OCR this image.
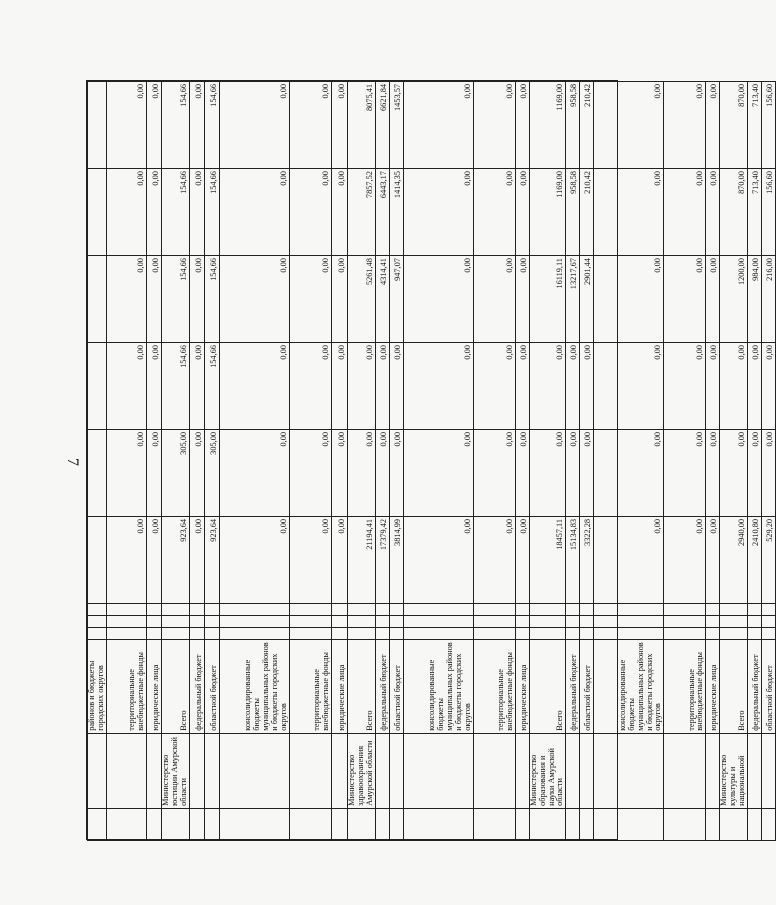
7
		районов и бюджеты городских округов									
		территориальные внебюджетные фонды				0,00	0,00	0,00	0,00	0,00	0,00
		юридические лица				0,00	0,00	0,00	0,00	0,00	0,00
	Министерство юстиции Амурской области	Всего				923,64	305,00	154,66	154,66	154,66	154,66
		федеральный бюджет				0,00	0,00	0,00	0,00	0,00	0,00
		областной бюджет				923,64	305,00	154,66	154,66	154,66	154,66
		консолидированные бюджеты муниципальных районов и бюджеты городских округов				0,00	0,00	0,00	0,00	0,00	0,00
		территориальные внебюджетные фонды				0,00	0,00	0,00	0,00	0,00	0,00
		юридические лица				0,00	0,00	0,00	0,00	0,00	0,00
	Министерство здравоохранения Амурской области	Всего				21194,41	0,00	0,00	5261,48	7857,52	8075,41
		федеральный бюджет				17379,42	0,00	0,00	4314,41	6443,17	6621,84
		областной бюджет				3814,99	0,00	0,00	947,07	1414,35	1453,57
		консолидированные бюджеты муниципальных районов и бюджеты городских округов				0,00	0,00	0,00	0,00	0,00	0,00
		территориальные внебюджетные фонды				0,00	0,00	0,00	0,00	0,00	0,00
		юридические лица				0,00	0,00	0,00	0,00	0,00	0,00
	Министерство образования и науки Амурской области	Всего				18457,11	0,00	0,00	16119,11	1169,00	1169,00
		федеральный бюджет				15134,83	0,00	0,00	13217,67	958,58	958,58
		областной бюджет				3322,28	0,00	0,00	2901,44	210,42	210,42
		консолидированные бюджеты муниципальных районов и бюджеты городских округов				0,00	0,00	0,00	0,00	0,00	0,00
		территориальные внебюджетные фонды				0,00	0,00	0,00	0,00	0,00	0,00
		юридические лица				0,00	0,00	0,00	0,00	0,00	0,00
	Министерство культуры и национальной	Всего				2940,00	0,00	0,00	1200,00	870,00	870,00
		федеральный бюджет				2410,80	0,00	0,00	984,00	713,40	713,40
		областной бюджет				529,20	0,00	0,00	216,00	156,60	156,60
